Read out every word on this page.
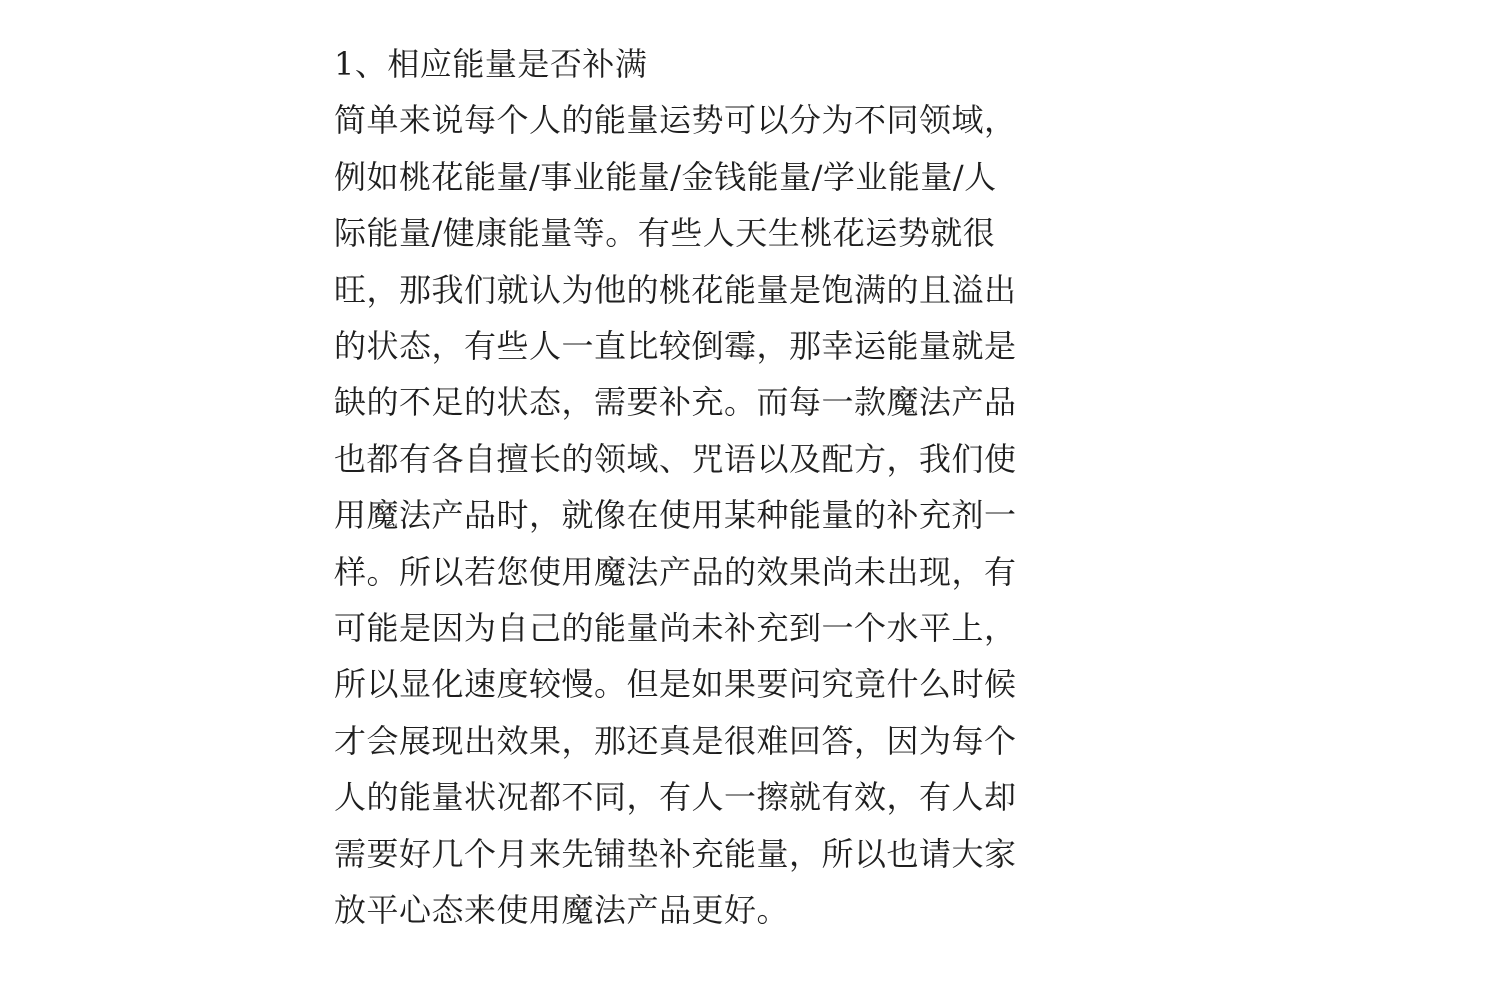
1、相应能量是否补满
简单来说每个人的能量运势可以分为不同领域，
例如桃花能量/事业能量/金钱能量/学业能量/人
际能量/健康能量等。有些人天生桃花运势就很
旺，那我们就认为他的桃花能量是饱满的且溢出
的状态，有些人一直比较倒霉，那幸运能量就是
缺的不足的状态，需要补充。而每一款魔法产品
也都有各自擅长的领域、咒语以及配方，我们使
用魔法产品时，就像在使用某种能量的补充剂一
样。所以若您使用魔法产品的效果尚未出现，有
可能是因为自己的能量尚未补充到一个水平上，
所以显化速度较慢。但是如果要问究竟什么时候
才会展现出效果，那还真是很难回答，因为每个
人的能量状况都不同，有人一擦就有效，有人却
需要好几个月来先铺垫补充能量，所以也请大家
放平心态来使用魔法产品更好。
